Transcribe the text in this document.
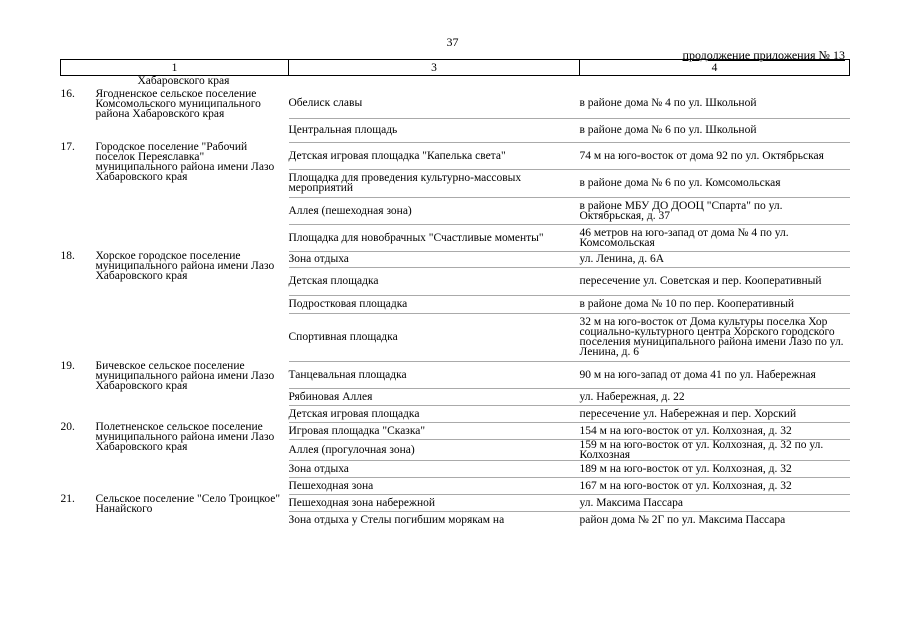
37
продолжение приложения № 13
1		3	4
	Хабаровского края		
16.	Ягодненское сельское поселение Комсомольского муниципального района Хабаровского края	Обелиск славы	в районе дома № 4 по ул. Школьной
		Центральная площадь	в районе дома № 6 по ул. Школьной
17.	Городское поселение "Рабочий поселок Переяславка" муниципального района имени Лазо Хабаровского края	Детская игровая площадка "Капелька света"	74 м на юго-восток от дома 92 по ул. Октябрьская
		Площадка для проведения культурно-массовых мероприятий	в районе дома № 6 по ул. Комсомольская
		Аллея (пешеходная зона)	в районе МБУ ДО ДООЦ "Спарта" по ул. Октябрьская, д. 37
		Площадка для новобрачных "Счастливые моменты"	46 метров на юго-запад от дома № 4 по ул. Комсомольская
18.	Хорское городское поселение муниципального района имени Лазо Хабаровского края	Зона отдыха	ул. Ленина, д. 6А
		Детская площадка	пересечение ул. Советская и пер. Кооперативный
		Подростковая площадка	в районе дома № 10 по пер. Кооперативный
		Спортивная площадка	32 м на юго-восток от Дома культуры поселка Хор социально-культурного центра Хорского городского поселения муниципального района имени Лазо по ул. Ленина, д. 6
19.	Бичевское сельское поселение муниципального района имени Лазо Хабаровского края	Танцевальная площадка	90 м на юго-запад от дома 41 по ул. Набережная
		Рябиновая Аллея	ул. Набережная, д. 22
		Детская игровая площадка	пересечение ул. Набережная и пер. Хорский
20.	Полетненское сельское поселение муниципального района имени Лазо Хабаровского края	Игровая площадка "Сказка"	154 м на юго-восток от ул. Колхозная, д. 32
		Аллея (прогулочная зона)	159 м на юго-восток от ул. Колхозная, д. 32 по ул. Колхозная
		Зона отдыха	189 м на юго-восток от ул. Колхозная, д. 32
		Пешеходная зона	167 м на юго-восток от ул. Колхозная, д. 32
21.	Сельское поселение "Село Троицкое" Нанайского	Пешеходная зона набережной	ул. Максима Пассара
		Зона отдыха у Стелы погибшим морякам на	район дома № 2Г по ул. Максима Пассара
